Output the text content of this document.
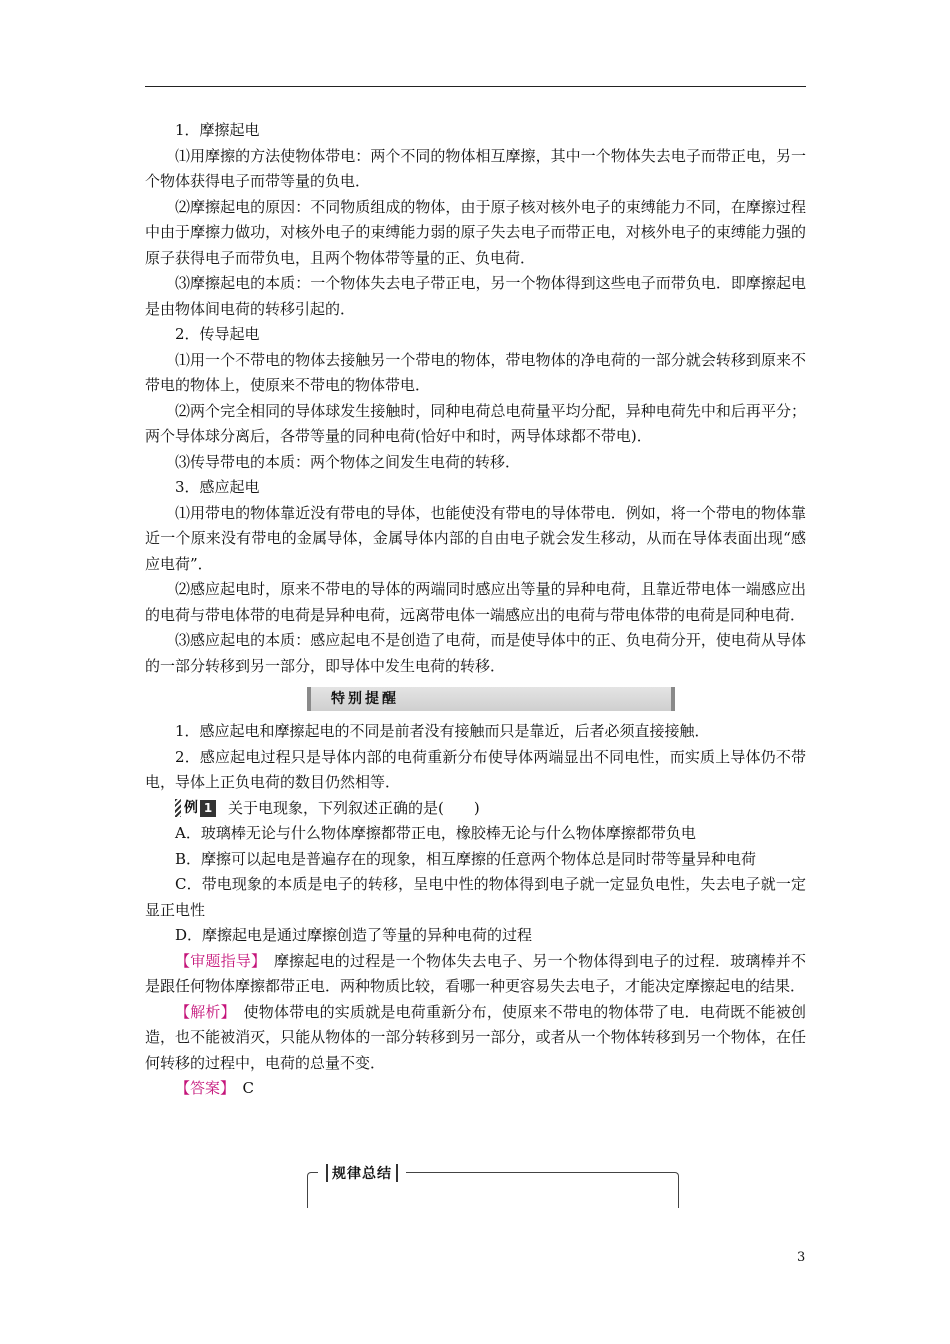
1．摩擦起电

⑴用摩擦的方法使物体带电：两个不同的物体相互摩擦，其中一个物体失去电子而带正电，另一个物体获得电子而带等量的负电．

⑵摩擦起电的原因：不同物质组成的物体，由于原子核对核外电子的束缚能力不同，在摩擦过程中由于摩擦力做功，对核外电子的束缚能力弱的原子失去电子而带正电，对核外电子的束缚能力强的原子获得电子而带负电，且两个物体带等量的正、负电荷．

⑶摩擦起电的本质：一个物体失去电子带正电，另一个物体得到这些电子而带负电．即摩擦起电是由物体间电荷的转移引起的．

2．传导起电

⑴用一个不带电的物体去接触另一个带电的物体，带电物体的净电荷的一部分就会转移到原来不带电的物体上，使原来不带电的物体带电．

⑵两个完全相同的导体球发生接触时，同种电荷总电荷量平均分配，异种电荷先中和后再平分；两个导体球分离后，各带等量的同种电荷(恰好中和时，两导体球都不带电)．

⑶传导带电的本质：两个物体之间发生电荷的转移．

3．感应起电

⑴用带电的物体靠近没有带电的导体，也能使没有带电的导体带电．例如，将一个带电的物体靠近一个原来没有带电的金属导体，金属导体内部的自由电子就会发生移动，从而在导体表面出现“感应电荷”．

⑵感应起电时，原来不带电的导体的两端同时感应出等量的异种电荷，且靠近带电体一端感应出的电荷与带电体带的电荷是异种电荷，远离带电体一端感应出的电荷与带电体带的电荷是同种电荷．

⑶感应起电的本质：感应起电不是创造了电荷，而是使导体中的正、负电荷分开，使电荷从导体的一部分转移到另一部分，即导体中发生电荷的转移．

特别提醒

1．感应起电和摩擦起电的不同是前者没有接触而只是靠近，后者必须直接接触．

2．感应起电过程只是导体内部的电荷重新分布使导体两端显出不同电性，而实质上导体仍不带电，导体上正负电荷的数目仍然相等．

例 1 关于电现象，下列叙述正确的是(　　)

A．玻璃棒无论与什么物体摩擦都带正电，橡胶棒无论与什么物体摩擦都带负电

B．摩擦可以起电是普遍存在的现象，相互摩擦的任意两个物体总是同时带等量异种电荷

C．带电现象的本质是电子的转移，呈电中性的物体得到电子就一定显负电性，失去电子就一定显正电性

D．摩擦起电是通过摩擦创造了等量的异种电荷的过程

【审题指导】　摩擦起电的过程是一个物体失去电子、另一个物体得到电子的过程．玻璃棒并不是跟任何物体摩擦都带正电．两种物质比较，看哪一种更容易失去电子，才能决定摩擦起电的结果．

【解析】　使物体带电的实质就是电荷重新分布，使原来不带电的物体带了电．电荷既不能被创造，也不能被消灭，只能从物体的一部分转移到另一部分，或者从一个物体转移到另一个物体，在任何转移的过程中，电荷的总量不变．

【答案】　C

规律总结
3
